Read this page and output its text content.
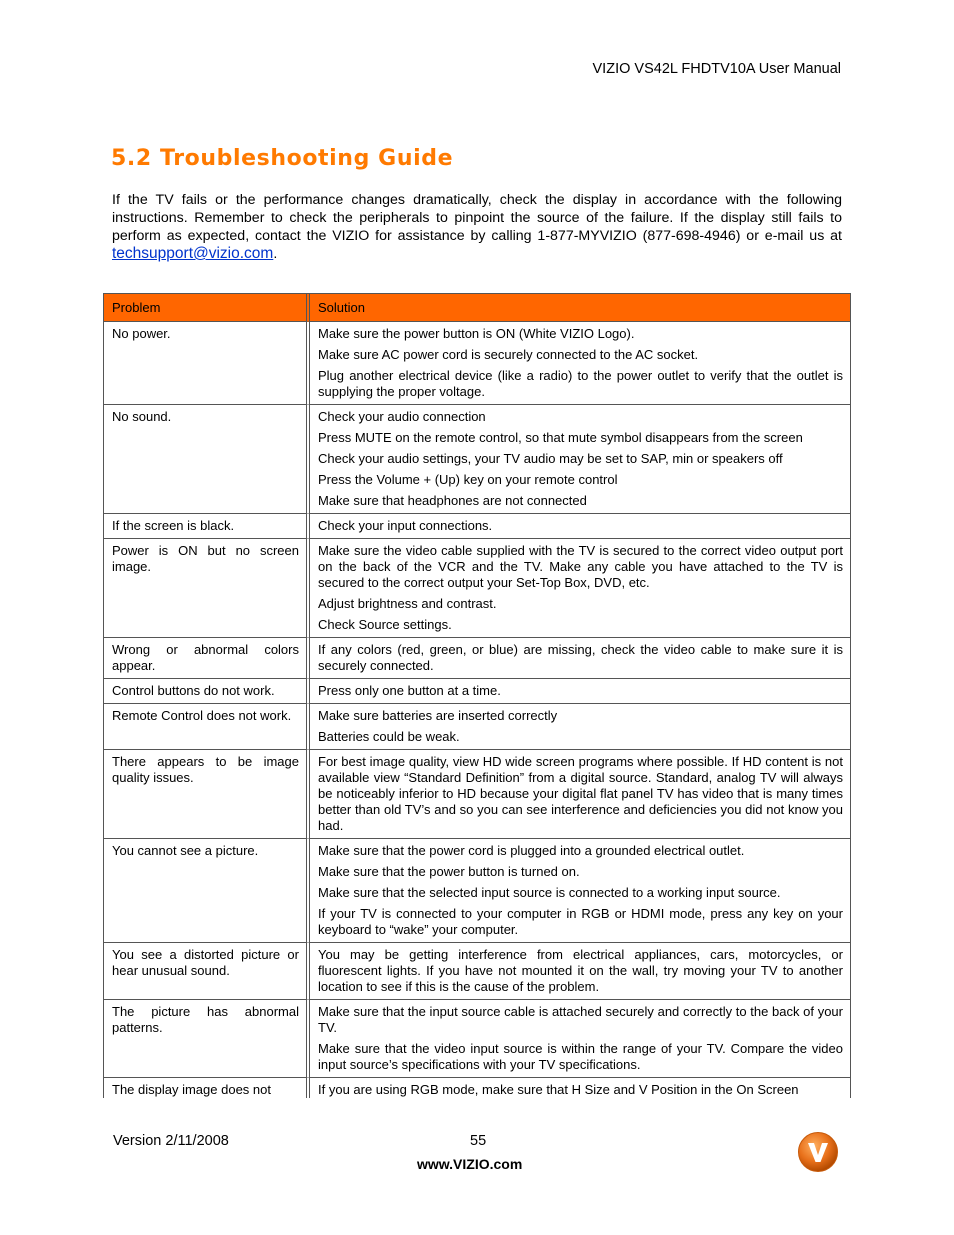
VIZIO VS42L FHDTV10A User Manual
5.2 Troubleshooting Guide
If the TV fails or the performance changes dramatically, check the display in accordance with the following instructions. Remember to check the peripherals to pinpoint the source of the failure. If the display still fails to perform as expected, contact the VIZIO for assistance by calling 1-877-MYVIZIO (877-698-4946) or e-mail us at techsupport@vizio.com.
Problem	Solution
No power.	Make sure the power button is ON (White VIZIO Logo).

Make sure AC power cord is securely connected to the AC socket.

Plug another electrical device (like a radio) to the power outlet to verify that the outlet is supplying the proper voltage.

No sound.	Check your audio connection

Press MUTE on the remote control, so that mute symbol disappears from the screen

Check your audio settings, your TV audio may be set to SAP, min or speakers off

Press the Volume + (Up) key on your remote control

Make sure that headphones are not connected

If the screen is black.	Check your input connections.

Power is ON but no screen image.	Make sure the video cable supplied with the TV is secured to the correct video output port on the back of the VCR and the TV. Make any cable you have attached to the TV is secured to the correct output your Set-Top Box, DVD, etc.

Adjust brightness and contrast.

Check Source settings.

Wrong or abnormal colors appear.	If any colors (red, green, or blue) are missing, check the video cable to make sure it is securely connected.

Control buttons do not work.	Press only one button at a time.

Remote Control does not work.	Make sure batteries are inserted correctly

Batteries could be weak.

There appears to be image quality issues.	For best image quality, view HD wide screen programs where possible. If HD content is not available view “Standard Definition” from a digital source. Standard, analog TV will always be noticeably inferior to HD because your digital flat panel TV has video that is many times better than old TV’s and so you can see interference and deficiencies you did not know you had.

You cannot see a picture.	Make sure that the power cord is plugged into a grounded electrical outlet.

Make sure that the power button is turned on.

Make sure that the selected input source is connected to a working input source.

If your TV is connected to your computer in RGB or HDMI mode, press any key on your keyboard to “wake” your computer.

You see a distorted picture or hear unusual sound.	You may be getting interference from electrical appliances, cars, motorcycles, or fluorescent lights. If you have not mounted it on the wall, try moving your TV to another location to see if this is the cause of the problem.

The picture has abnormal patterns.	Make sure that the input source cable is attached securely and correctly to the back of your TV.

Make sure that the video input source is within the range of your TV. Compare the video input source’s specifications with your TV specifications.

The display image does not	If you are using RGB mode, make sure that H Size and V Position in the On Screen

Version 2/11/2008	55
www.VIZIO.com
